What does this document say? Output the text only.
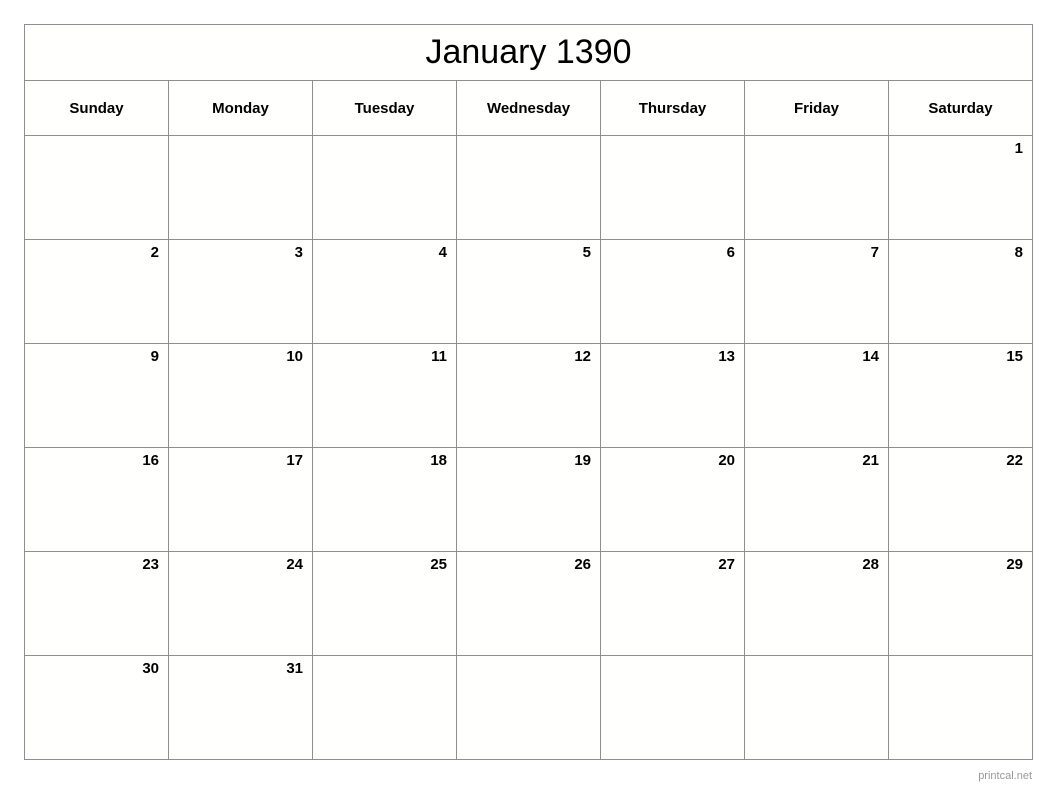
January 1390						
Sunday	Monday	Tuesday	Wednesday	Thursday	Friday	Saturday
						1
2	3	4	5	6	7	8
9	10	11	12	13	14	15
16	17	18	19	20	21	22
23	24	25	26	27	28	29
30	31					
printcal.net
